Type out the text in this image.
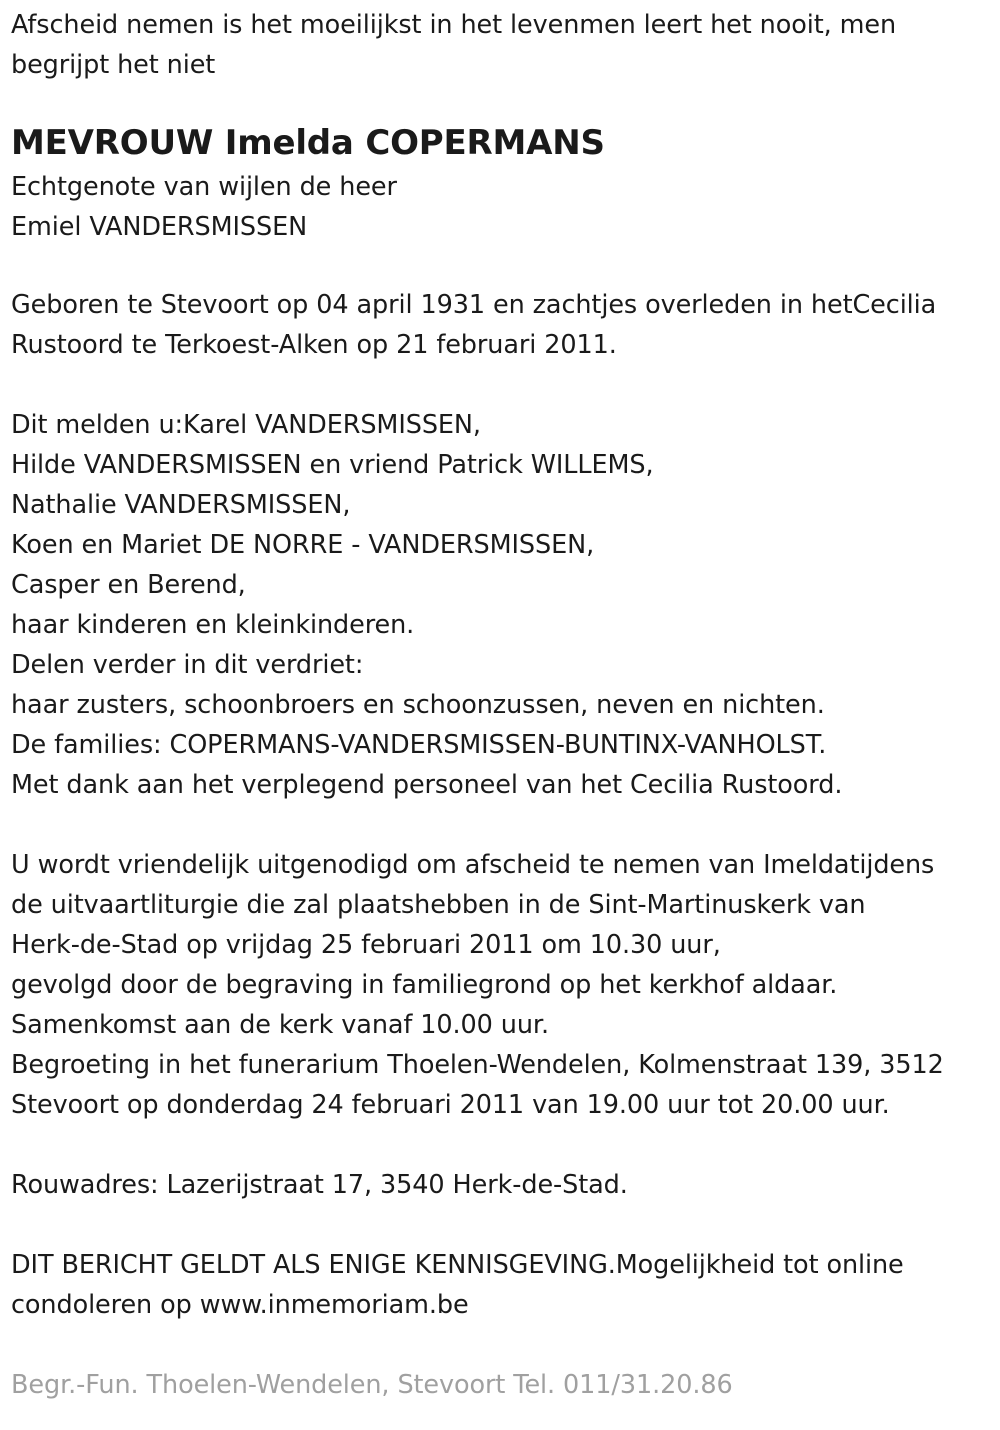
Afscheid nemen is het moeilijkst in het levenmen leert het nooit, men
begrijpt het niet
MEVROUW Imelda COPERMANS
Echtgenote van wijlen de heer
Emiel VANDERSMISSEN
Geboren te Stevoort op 04 april 1931 en zachtjes overleden in hetCecilia
Rustoord te Terkoest-Alken op 21 februari 2011.
Dit melden u:Karel VANDERSMISSEN,
Hilde VANDERSMISSEN en vriend Patrick WILLEMS,
Nathalie VANDERSMISSEN,
Koen en Mariet DE NORRE - VANDERSMISSEN,
Casper en Berend,
haar kinderen en kleinkinderen.
Delen verder in dit verdriet:
haar zusters, schoonbroers en schoonzussen, neven en nichten.
De families: COPERMANS-VANDERSMISSEN-BUNTINX-VANHOLST.
Met dank aan het verplegend personeel van het Cecilia Rustoord.
U wordt vriendelijk uitgenodigd om afscheid te nemen van Imeldatijdens
de uitvaartliturgie die zal plaatshebben in de Sint-Martinuskerk van
Herk-de-Stad op vrijdag 25 februari 2011 om 10.30 uur,
gevolgd door de begraving in familiegrond op het kerkhof aldaar.
Samenkomst aan de kerk vanaf 10.00 uur.
Begroeting in het funerarium Thoelen-Wendelen, Kolmenstraat 139, 3512
Stevoort op donderdag 24 februari 2011 van 19.00 uur tot 20.00 uur.
Rouwadres: Lazerijstraat 17, 3540 Herk-de-Stad.
DIT BERICHT GELDT ALS ENIGE KENNISGEVING.Mogelijkheid tot online
condoleren op www.inmemoriam.be
Begr.-Fun. Thoelen-Wendelen, Stevoort Tel. 011/31.20.86
